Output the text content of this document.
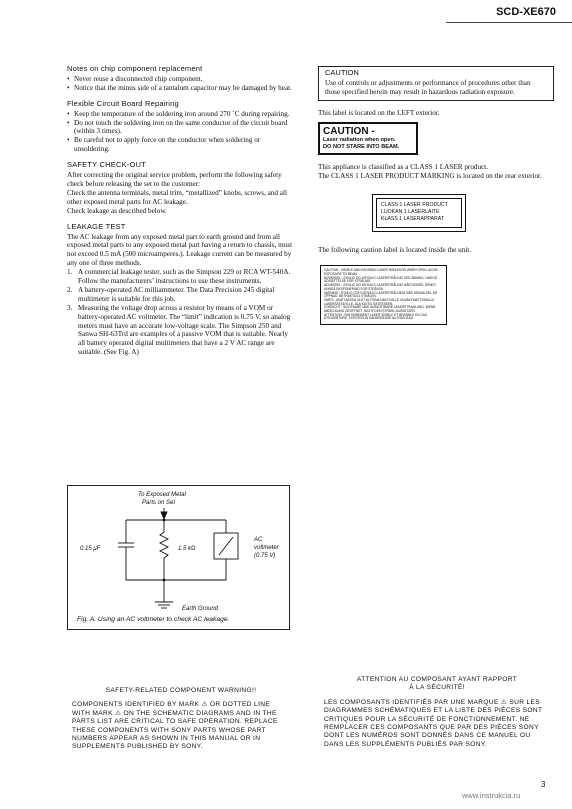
SCD-XE670
Notes on chip component replacement
• Never reuse a disconnected chip component.
• Notice that the minus side of a tantalum capacitor may be damaged by heat.
Flexible Circuit Board Repairing
• Keep the temperature of the soldering iron around 270 ˚C during repairing.
• Do not touch the soldering iron on the same conductor of the circuit board (within 3 times).
• Be careful not to apply force on the conductor when soldering or unsoldering.
SAFETY CHECK-OUT

After correcting the original service problem, perform the following safety check before releasing the set to the customer:

Check the antenna terminals, metal trim, “metallized” knobs, screws, and all other exposed metal parts for AC leakage.

Check leakage as described below.

LEAKAGE TEST

The AC leakage from any exposed metal part to earth ground and from all exposed metal parts to any exposed metal part having a return to chassis, must not exceed 0.5 mA (500 microamperes.). Leakage current can be measured by any one of three methods.

1. A commercial leakage tester, such as the Simpson 229 or RCA WT-540A. Follow the manufacturers’ instructions to use these instruments.
2. A battery-operated AC milliammeter. The Data Precision 245 digital multimeter is suitable for this job.
3. Measuring the voltage drop across a resistor by means of a VOM or battery-operated AC voltmeter. The “limit” indication is 0.75 V, so analog meters must have an accurate low-voltage scale. The Simpson 250 and Sanwa SH-63Trd are examples of a passive VOM that is suitable. Nearly all battery operated digital multimeters that have a 2 V AC range are suitable. (See Fig. A)
To Exposed Metal
Parts on Set
0.15 μF	1.5 kΩ
AC
voltmeter
(0.75 V)
Earth Ground
Fig. A. Using an AC voltmeter to check AC leakage.
CAUTION

Use of controls or adjustments or performance of procedures other than those specified herein may result in hazardous radiation exposure.

This label is located on the LEFT exterior.

CAUTION -
Laser radiation when open.
DO NOT STARE INTO BEAM.

This appliance is classified as a CLASS 1 LASER product.

The CLASS 1 LASER PRODUCT MARKING is located on the rear exterior.

CLASS 1 LASER PRODUCT
LUOKAN 1 LASERLAITE
KLASS 1 LASERAPPARAT

The following caution label is located inside the unit.

CAUTION : VISIBLE AND INVISIBLE LASER RADIATION WHEN OPEN. AVOID EXPOSURE TO BEAM.
ADVARSEL : SYNLIG OG USYNLIG LASERSTRÅLING VED ÅBNING. UNDGÅ UDSÆTTELSE FOR STRÅLING.
ADVARSEL : SYNLIG OG USYNLIG LASERSTRÅLING NÅR DEKSEL ÅPNES. UNNGÅ EKSPONERING FOR STRÅLEN.
VARNING : SYNLIG OCH OSYNLIG LASERSTRÅLNING NÄR DENNA DEL ÄR ÖPPNAD. BETRAKTA EJ STRÅLEN.
VARO! : AVATTAESSA OLET ALTTIINA NÄKYVÄLLE JA NÄKYMÄTTÖMÄLLE LASERSÄTEILYLLE. ÄLÄ KATSO SÄTEESEEN.
VORSICHT : SICHTBARE UND UNSICHTBARE LASERSTRAHLUNG, WENN ABDECKUNG GEÖFFNET. NICHT DEM STRAHL AUSSETZEN.
ATTENTION : RAYONNEMENT LASER VISIBLE ET INVISIBLE EN CAS D'OUVERTURE. EXPOSITION DANGEREUSE AU FAISCEAU.
SAFETY-RELATED COMPONENT WARNING!!

COMPONENTS IDENTIFIED BY MARK ⚠ OR DOTTED LINE WITH MARK ⚠ ON THE SCHEMATIC DIAGRAMS AND IN THE PARTS LIST ARE CRITICAL TO SAFE OPERATION. REPLACE THESE COMPONENTS WITH SONY PARTS WHOSE PART NUMBERS APPEAR AS SHOWN IN THIS MANUAL OR IN SUPPLEMENTS PUBLISHED BY SONY.

ATTENTION AU COMPOSANT AYANT RAPPORT
À LA SÉCURITÉ!

LES COMPOSANTS IDENTIFIÉS PAR UNE MARQUE ⚠ SUR LES DIAGRAMMES SCHÉMATIQUES ET LA LISTE DES PIÈCES SONT CRITIQUES POUR LA SÉCURITÉ DE FONCTIONNEMENT. NE REMPLACER CES COMPOSANTS QUE PAR DES PIÈCES SONY DONT LES NUMÉROS SONT DONNÉS DANS CE MANUEL OU DANS LES SUPPLÉMENTS PUBLIÉS PAR SONY.

3
www.instrukcia.ru
